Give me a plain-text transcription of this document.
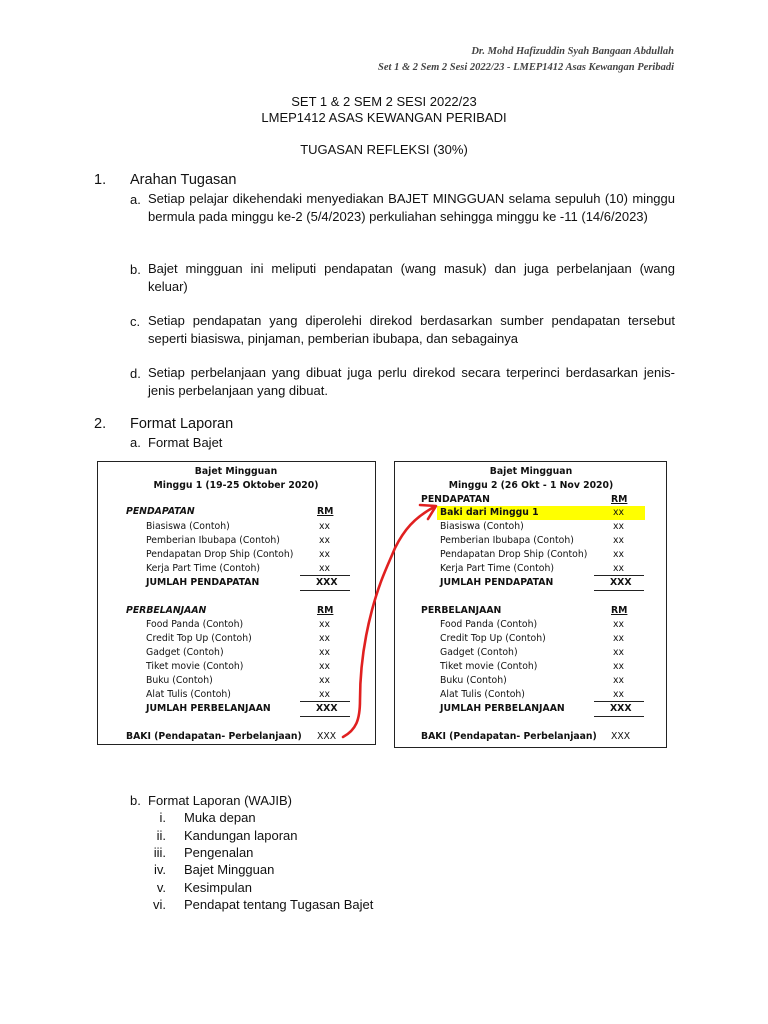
Dr. Mohd Hafizuddin Syah Bangaan Abdullah
Set 1 & 2 Sem 2 Sesi 2022/23 - LMEP1412 Asas Kewangan Peribadi
SET 1 & 2 SEM 2 SESI 2022/23
LMEP1412 ASAS KEWANGAN PERIBADI
TUGASAN REFLEKSI (30%)
1. Arahan Tugasan
a. Setiap pelajar dikehendaki menyediakan BAJET MINGGUAN selama sepuluh (10) minggu bermula pada minggu ke-2 (5/4/2023) perkuliahan sehingga minggu ke -11 (14/6/2023)
b. Bajet mingguan ini meliputi pendapatan (wang masuk) dan juga perbelanjaan (wang keluar)
c. Setiap pendapatan yang diperolehi direkod berdasarkan sumber pendapatan tersebut seperti biasiswa, pinjaman, pemberian ibubapa, dan sebagainya
d. Setiap perbelanjaan yang dibuat juga perlu direkod secara terperinci berdasarkan jenis-jenis perbelanjaan yang dibuat.
2. Format Laporan
a. Format Bajet
Bajet Mingguan
Minggu 1 (19-25 Oktober 2020)
PENDAPATAN	RM
Biasiswa (Contoh)	xx
Pemberian Ibubapa (Contoh)	xx
Pendapatan Drop Ship (Contoh)	xx
Kerja Part Time (Contoh)	xx
JUMLAH PENDAPATAN	XXX
PERBELANJAAN	RM
Food Panda (Contoh)	xx
Credit Top Up (Contoh)	xx
Gadget (Contoh)	xx
Tiket movie (Contoh)	xx
Buku (Contoh)	xx
Alat Tulis (Contoh)	xx
JUMLAH PERBELANJAAN	XXX
BAKI (Pendapatan- Perbelanjaan) XXX
Bajet Mingguan
Minggu 2 (26 Okt - 1 Nov 2020)
PENDAPATAN	RM
Baki dari Minggu 1	xx
Biasiswa (Contoh)	xx
Pemberian Ibubapa (Contoh)	xx
Pendapatan Drop Ship (Contoh)	xx
Kerja Part Time (Contoh)	xx
JUMLAH PENDAPATAN	XXX
PERBELANJAAN	RM
Food Panda (Contoh)	xx
Credit Top Up (Contoh)	xx
Gadget (Contoh)	xx
Tiket movie (Contoh)	xx
Buku (Contoh)	xx
Alat Tulis (Contoh)	xx
JUMLAH PERBELANJAAN	XXX
BAKI (Pendapatan- Perbelanjaan) XXX
b. Format Laporan (WAJIB)
i. Muka depan
ii. Kandungan laporan
iii. Pengenalan
iv. Bajet Mingguan
v. Kesimpulan
vi. Pendapat tentang Tugasan Bajet
